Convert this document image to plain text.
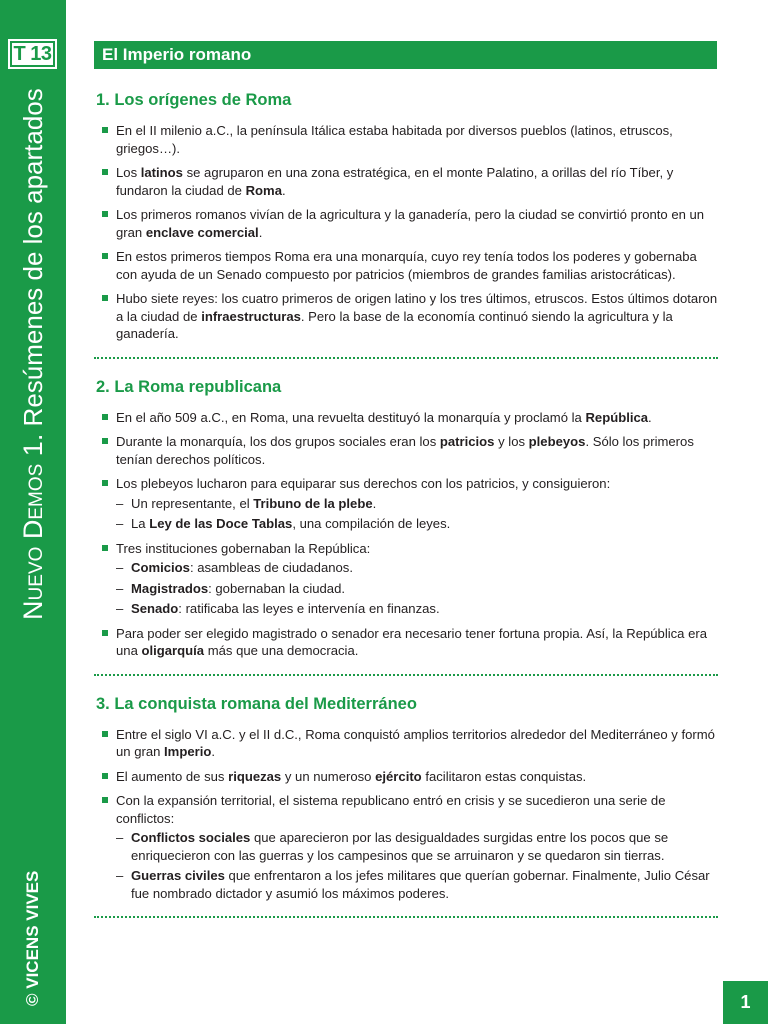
T 13
Nuevo Demos 1. Resúmenes de los apartados
© VICENS VIVES
El Imperio romano
1. Los orígenes de Roma
En el II milenio a.C., la península Itálica estaba habitada por diversos pueblos (latinos, etruscos, griegos…).
Los latinos se agruparon en una zona estratégica, en el monte Palatino, a orillas del río Tíber, y fundaron la ciudad de Roma.
Los primeros romanos vivían de la agricultura y la ganadería, pero la ciudad se convirtió pronto en un gran enclave comercial.
En estos primeros tiempos Roma era una monarquía, cuyo rey tenía todos los poderes y gobernaba con ayuda de un Senado compuesto por patricios (miembros de grandes familias aristocráticas).
Hubo siete reyes: los cuatro primeros de origen latino y los tres últimos, etruscos. Estos últimos dotaron a la ciudad de infraestructuras. Pero la base de la economía continuó siendo la agricultura y la ganadería.
2. La Roma republicana
En el año 509 a.C., en Roma, una revuelta destituyó la monarquía y proclamó la República.
Durante la monarquía, los dos grupos sociales eran los patricios y los plebeyos. Sólo los primeros tenían derechos políticos.
Los plebeyos lucharon para equiparar sus derechos con los patricios, y consiguieron:
– Un representante, el Tribuno de la plebe.
– La Ley de las Doce Tablas, una compilación de leyes.
Tres instituciones gobernaban la República:
– Comicios: asambleas de ciudadanos.
– Magistrados: gobernaban la ciudad.
– Senado: ratificaba las leyes e intervenía en finanzas.
Para poder ser elegido magistrado o senador era necesario tener fortuna propia. Así, la República era una oligarquía más que una democracia.
3. La conquista romana del Mediterráneo
Entre el siglo VI a.C. y el II d.C., Roma conquistó amplios territorios alrededor del Mediterráneo y formó un gran Imperio.
El aumento de sus riquezas y un numeroso ejército facilitaron estas conquistas.
Con la expansión territorial, el sistema republicano entró en crisis y se sucedieron una serie de conflictos:
– Conflictos sociales que aparecieron por las desigualdades surgidas entre los pocos que se enriquecieron con las guerras y los campesinos que se arruinaron y se quedaron sin tierras.
– Guerras civiles que enfrentaron a los jefes militares que querían gobernar. Finalmente, Julio César fue nombrado dictador y asumió los máximos poderes.
1
